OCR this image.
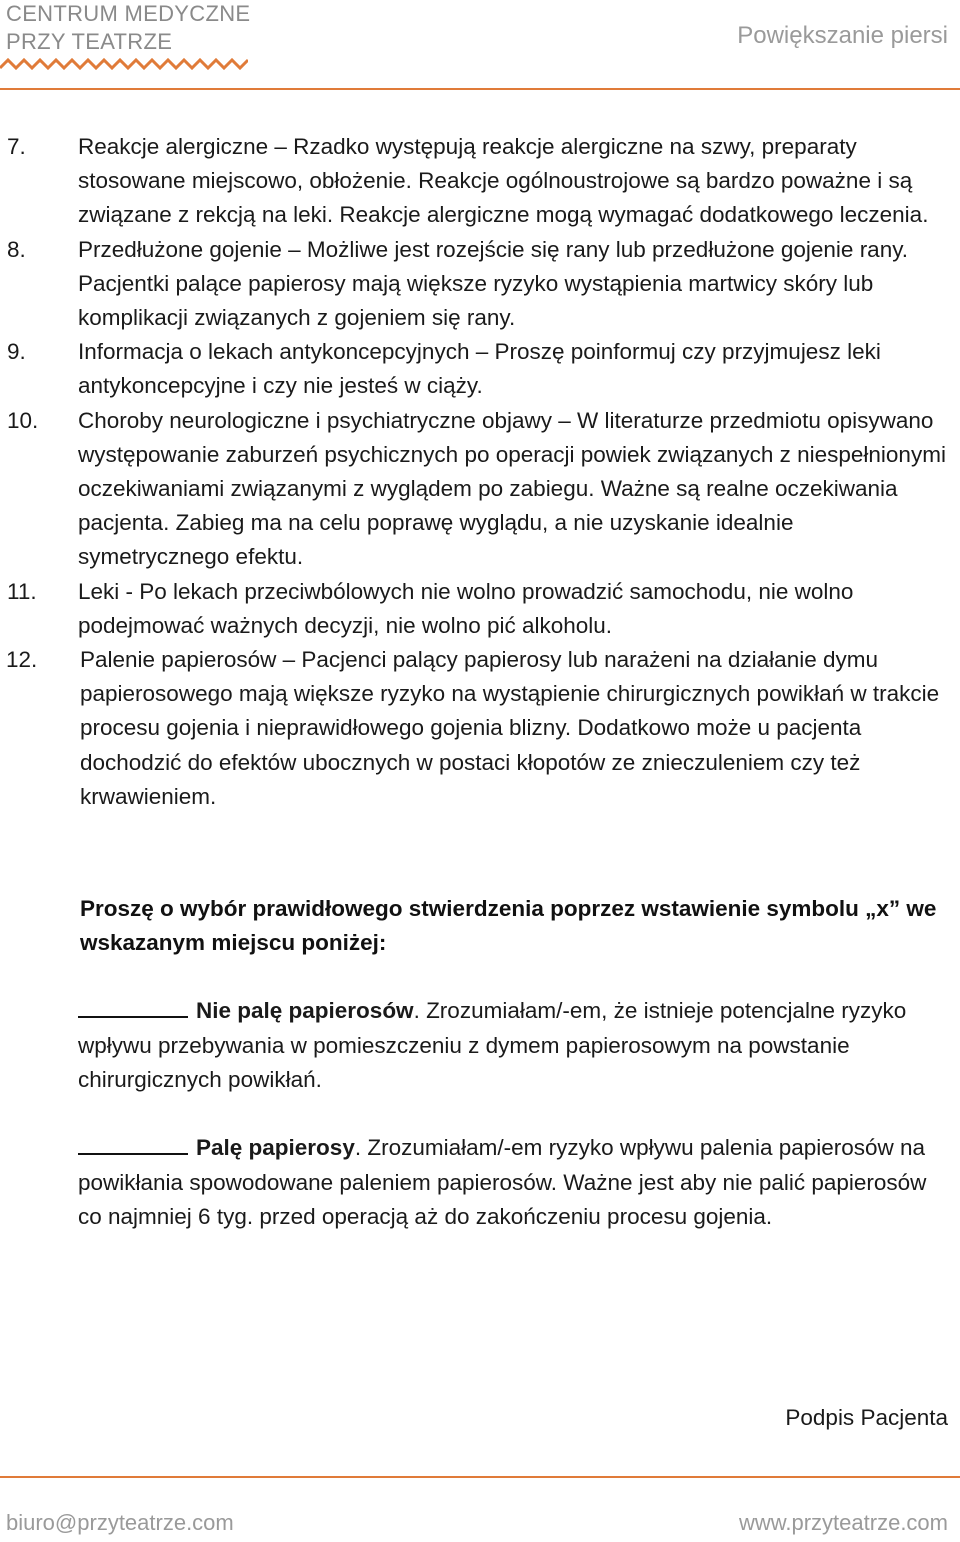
CENTRUM MEDYCZNE
PRZY TEATRZE	Powiększanie piersi

7. Reakcje alergiczne – Rzadko występują reakcje alergiczne na szwy, preparaty stosowane miejscowo, obłożenie. Reakcje ogólnoustrojowe są bardzo poważne i są związane z rekcją na leki. Reakcje alergiczne mogą wymagać dodatkowego leczenia.

8. Przedłużone gojenie – Możliwe jest rozejście się rany lub przedłużone gojenie rany. Pacjentki palące papierosy mają większe ryzyko wystąpienia martwicy skóry lub komplikacji związanych z gojeniem się rany.

9. Informacja o lekach antykoncepcyjnych – Proszę poinformuj czy przyjmujesz leki antykoncepcyjne i czy nie jesteś w ciąży.

10. Choroby neurologiczne i psychiatryczne objawy – W literaturze przedmiotu opisywano występowanie zaburzeń psychicznych po operacji powiek związanych z niespełnionymi oczekiwaniami związanymi z wyglądem po zabiegu. Ważne są realne oczekiwania pacjenta. Zabieg ma na celu poprawę wyglądu, a nie uzyskanie idealnie symetrycznego efektu.

11. Leki - Po lekach przeciwbólowych nie wolno prowadzić samochodu, nie wolno podejmować ważnych decyzji, nie wolno pić alkoholu.

12. Palenie papierosów – Pacjenci palący papierosy lub narażeni na działanie dymu papierosowego mają większe ryzyko na wystąpienie chirurgicznych powikłań w trakcie procesu gojenia i nieprawidłowego gojenia blizny. Dodatkowo może u pacjenta dochodzić do efektów ubocznych w postaci kłopotów ze znieczuleniem czy też krwawieniem.

Proszę o wybór prawidłowego stwierdzenia poprzez wstawienie symbolu „x” we wskazanym miejscu poniżej:
Nie palę papierosów. Zrozumiałam/-em, że istnieje potencjalne ryzyko wpływu przebywania w pomieszczeniu z dymem papierosowym na powstanie chirurgicznych powikłań.
Palę papierosy. Zrozumiałam/-em ryzyko wpływu palenia papierosów na powikłania spowodowane paleniem papierosów. Ważne jest aby nie palić papierosów co najmniej 6 tyg. przed operacją aż do zakończeniu procesu gojenia.
Podpis Pacjenta
biuro@przyteatrze.com	www.przyteatrze.com
